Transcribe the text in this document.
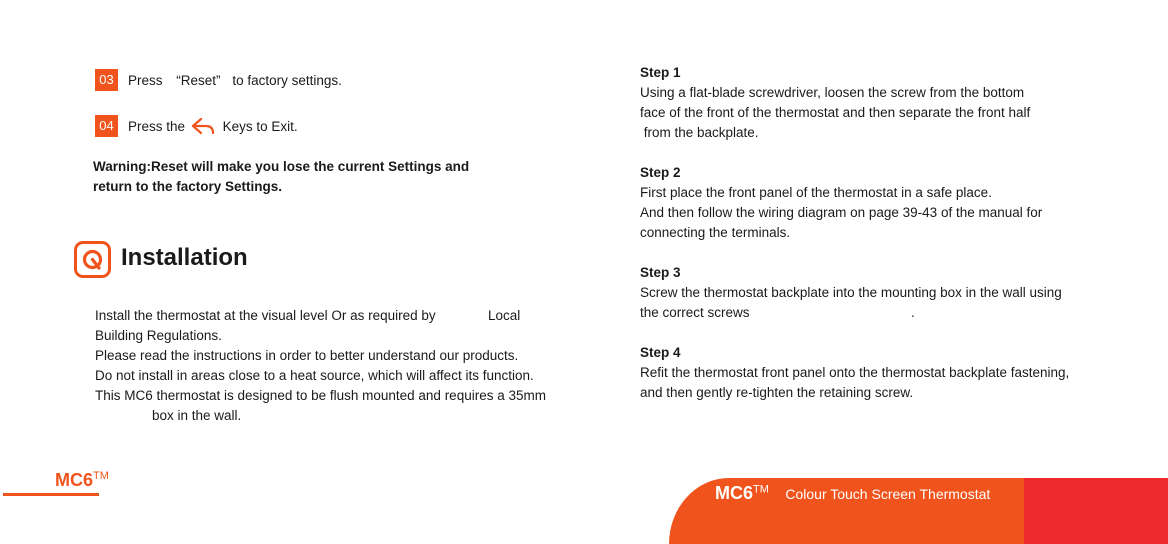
03	Press “Reset” to factory settings.
04	Press the	Keys to Exit.
Warning:Reset will make you lose the current Settings and
return to the factory Settings.
Installation
Install the thermostat at the visual level Or as required by	Local
Building Regulations.
Please read the instructions in order to better understand our products.
Do not install in areas close to a heat source, which will affect its function.
This MC6 thermostat is designed to be flush mounted and requires a 35mm
box in the wall.
Step 1
Using a flat-blade screwdriver, loosen the screw from the bottom
face of the front of the thermostat and then separate the front half
from the backplate.
Step 2
First place the front panel of the thermostat in a safe place.
And then follow the wiring diagram on page 39-43 of the manual for
connecting the terminals.
Step 3
Screw the thermostat backplate into the mounting box in the wall using
the correct screws	.
Step 4
Refit the thermostat front panel onto the thermostat backplate fastening,
and then gently re-tighten the retaining screw.
MC6™
MC6™ Colour Touch Screen Thermostat
